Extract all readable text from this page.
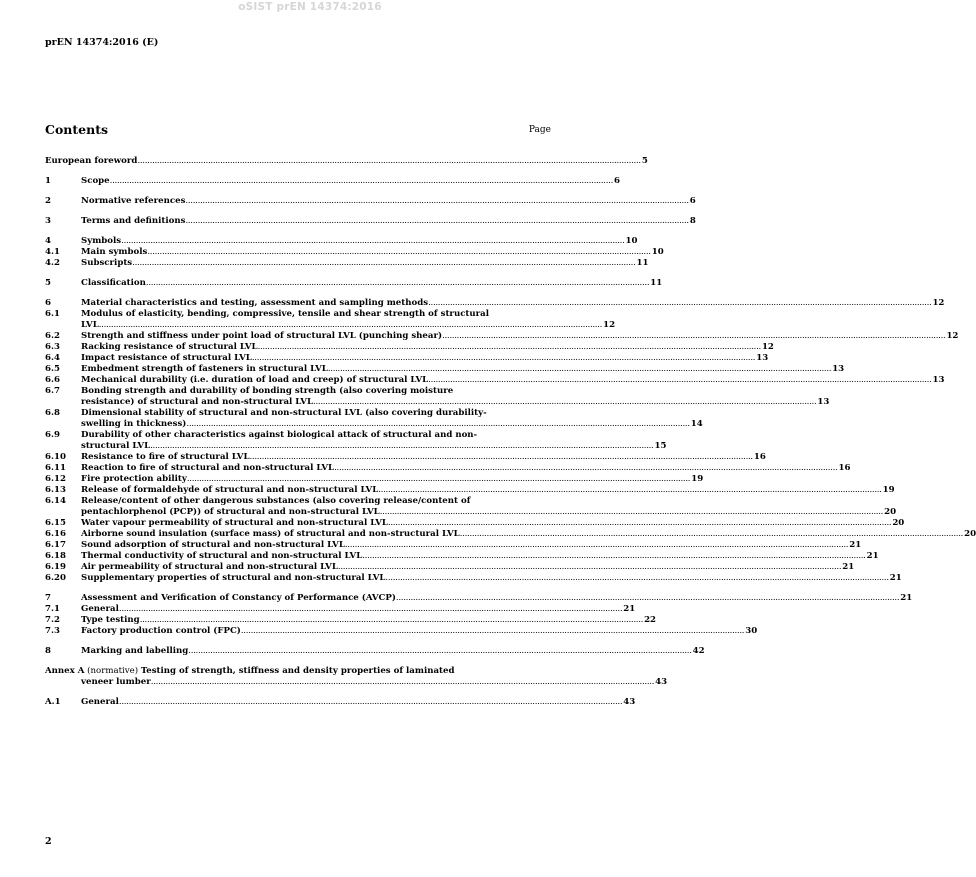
oSIST prEN 14374:2016
prEN 14374:2016 (E)
Contents	Page
European foreword .....	5
1	Scope .....	6
2	Normative references .....	6
3	Terms and definitions .....	8
4	Symbols .....	10
4.1	Main symbols .....	10
4.2	Subscripts .....	11
5	Classification .....	11
6	Material characteristics and testing, assessment and sampling methods .....	12
6.1	Modulus of elasticity, bending, compressive, tensile and shear strength of structural
LVL .....	12
6.2	Strength and stiffness under point load of structural LVL (punching shear) .....	12
6.3	Racking resistance of structural LVL .....	12
6.4	Impact resistance of structural LVL .....	13
6.5	Embedment strength of fasteners in structural LVL .....	13
6.6	Mechanical durability (i.e. duration of load and creep) of structural LVL .....	13
6.7	Bonding strength and durability of bonding strength (also covering moisture
resistance) of structural and non-structural LVL .....	13
6.8	Dimensional stability of structural and non-structural LVL (also covering durability-
swelling in thickness) .....	14
6.9	Durability of other characteristics against biological attack of structural and non-
structural LVL .....	15
6.10	Resistance to fire of structural LVL .....	16
6.11	Reaction to fire of structural and non-structural LVL .....	16
6.12	Fire protection ability .....	19
6.13	Release of formaldehyde of structural and non-structural LVL .....	19
6.14	Release/content of other dangerous substances (also covering release/content of
pentachlorphenol (PCP)) of structural and non-structural LVL .....	20
6.15	Water vapour permeability of structural and non-structural LVL .....	20
6.16	Airborne sound insulation (surface mass) of structural and non-structural LVL .....	20
6.17	Sound adsorption of structural and non-structural LVL .....	21
6.18	Thermal conductivity of structural and non-structural LVL .....	21
6.19	Air permeability of structural and non-structural LVL .....	21
6.20	Supplementary properties of structural and non-structural LVL .....	21
7	Assessment and Verification of Constancy of Performance (AVCP) .....	21
7.1	General .....	21
7.2	Type testing .....	22
7.3	Factory production control (FPC) .....	30
8	Marking and labelling .....	42
Annex A (normative) Testing of strength, stiffness and density properties of laminated
veneer lumber .....	43
A.1	General .....	43
2
